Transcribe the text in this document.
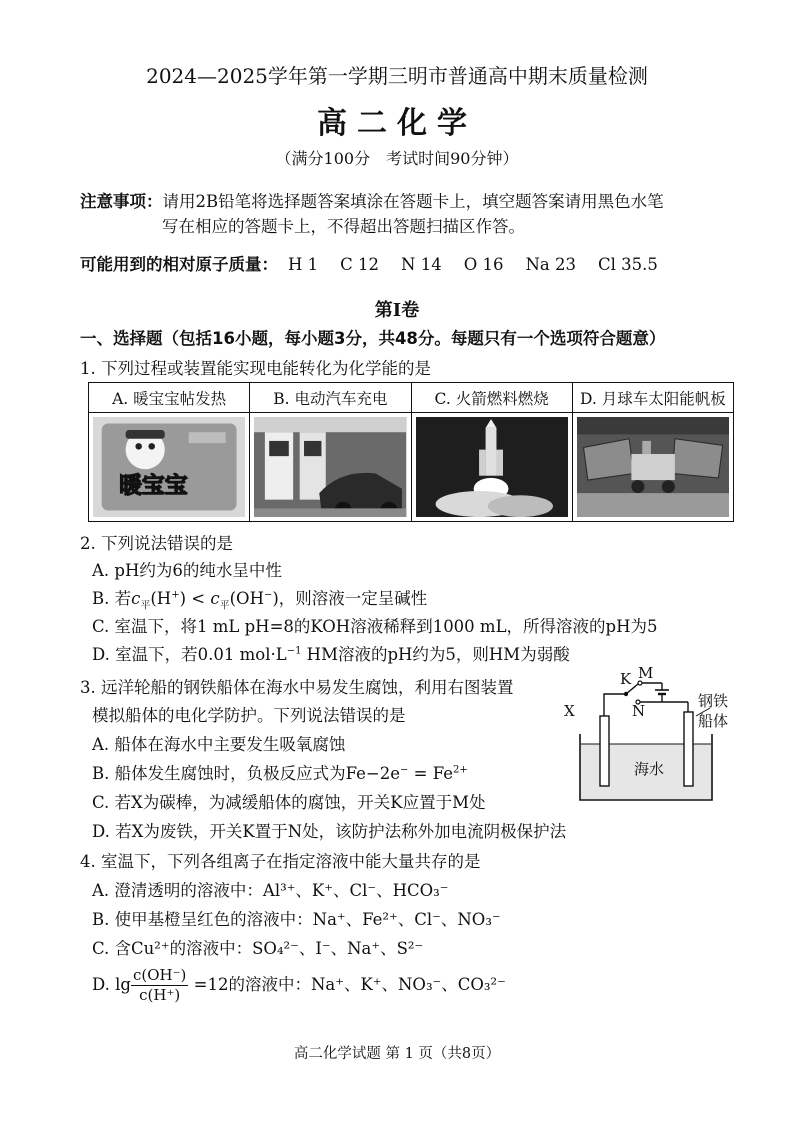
2024—2025学年第一学期三明市普通高中期末质量检测
高二化学
（满分100分　考试时间90分钟）
注意事项：请用2B铅笔将选择题答案填涂在答题卡上，填空题答案请用黑色水笔
写在相应的答题卡上，不得超出答题扫描区作答。
可能用到的相对原子质量： H 1 C 12 N 14 O 16 Na 23 Cl 35.5
第Ⅰ卷
一、选择题（包括16小题，每小题3分，共48分。每题只有一个选项符合题意）
1. 下列过程或装置能实现电能转化为化学能的是
A. 暖宝宝帖发热	B. 电动汽车充电	C. 火箭燃料燃烧	D. 月球车太阳能帆板

暖宝宝

2. 下列说法错误的是
A. pH约为6的纯水呈中性
B. 若$c_平(H^+) < c_平(OH^-)$，则溶液一定呈碱性
C. 室温下，将1 mL pH=8的KOH溶液稀释到1000 mL，所得溶液的pH为5
D. 室温下，若0.01 $mol\cdot L^{-1}$ HM溶液的pH约为5，则HM为弱酸
3. 远洋轮船的钢铁船体在海水中易发生腐蚀，利用右图装置
模拟船体的电化学防护。下列说法错误的是
A. 船体在海水中主要发生吸氧腐蚀
B. 船体发生腐蚀时，负极反应式为$Fe-2e^- = Fe^{2+}$
C. 若X为碳棒，为减缓船体的腐蚀，开关K应置于M处
D. 若X为废铁，开关K置于N处，该防护法称外加电流阴极保护法
X
K M
N
钢铁
船体
海水
4. 室温下，下列各组离子在指定溶液中能大量共存的是
A. 澄清透明的溶液中：Al³⁺、K⁺、Cl⁻、HCO₃⁻
B. 使甲基橙呈红色的溶液中：Na⁺、Fe²⁺、Cl⁻、NO₃⁻
C. 含Cu²⁺的溶液中：SO₄²⁻、I⁻、Na⁺、S²⁻
D. $\lg \frac{c(OH^-)}{c(H^+)} =12$的溶液中：Na⁺、K⁺、NO₃⁻、CO₃²⁻
高二化学试题 第 1 页（共8页）
